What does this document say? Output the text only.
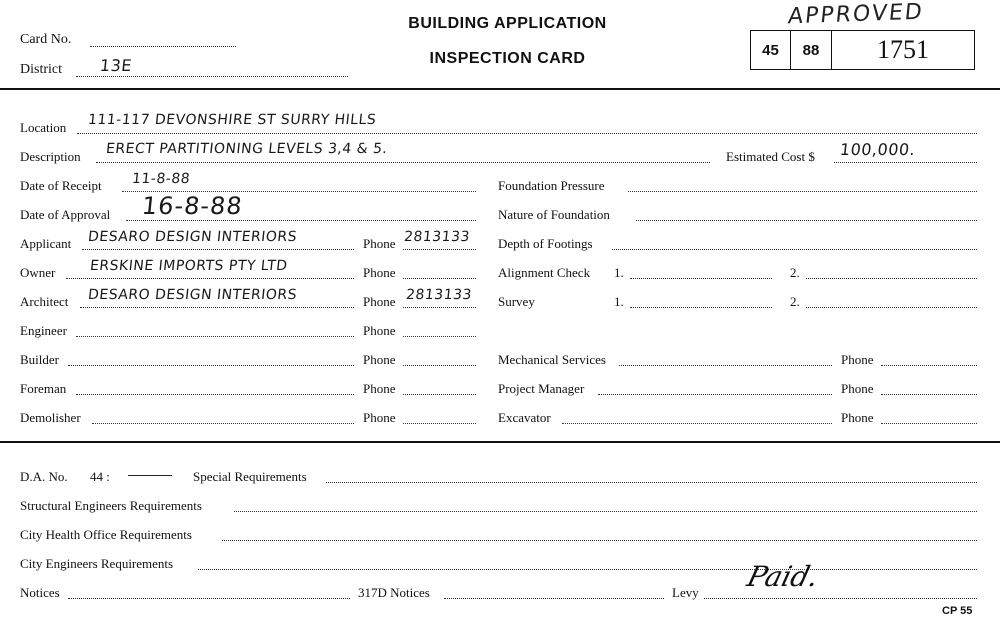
Card No.
District 13E
BUILDING APPLICATION
INSPECTION CARD
APPROVED
45	88	1751
Location 111-117 DEVONSHIRE ST SURRY HILLS
Description ERECT PARTITIONING LEVELS 3,4 & 5.	Estimated Cost $ 100,000.
Date of Receipt 11-8-88	Foundation Pressure
Date of Approval 16-8-88	Nature of Foundation
Applicant DESARO DESIGN INTERIORS	Phone 2813133 Depth of Footings
Owner ERSKINE IMPORTS PTY LTD	Phone	Alignment Check 1.	2.
Architect DESARO DESIGN INTERIORS	Phone 2813133 Survey	1.	2.
Engineer	Phone
Builder	Phone	Mechanical Services	Phone
Foreman	Phone	Project Manager	Phone
Demolisher	Phone	Excavator	Phone
D.A. No. 44 :	Special Requirements
Structural Engineers Requirements
City Health Office Requirements
City Engineers Requirements
Notices	317D Notices	Levy Paid.
CP 55
